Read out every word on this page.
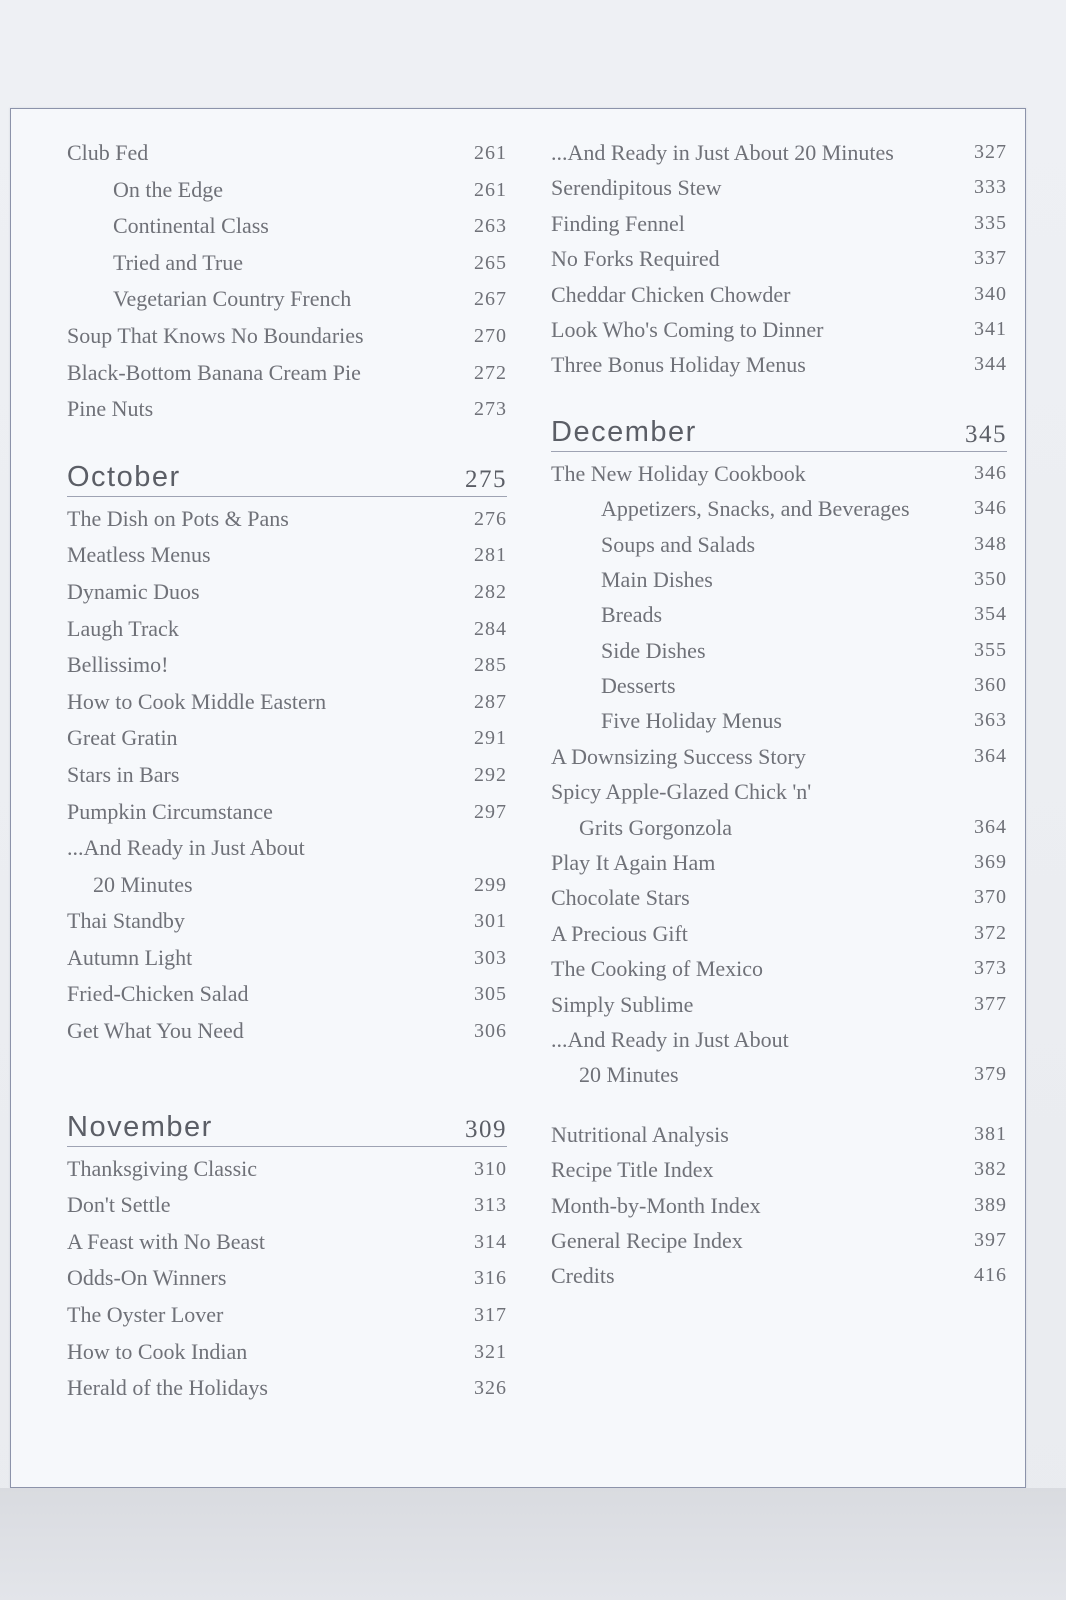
Club Fed	261
On the Edge	261
Continental Class	263
Tried and True	265
Vegetarian Country French	267
Soup That Knows No Boundaries	270
Black-Bottom Banana Cream Pie	272
Pine Nuts	273
October	275
The Dish on Pots & Pans	276
Meatless Menus	281
Dynamic Duos	282
Laugh Track	284
Bellissimo!	285
How to Cook Middle Eastern	287
Great Gratin	291
Stars in Bars	292
Pumpkin Circumstance	297
...And Ready in Just About
20 Minutes	299
Thai Standby	301
Autumn Light	303
Fried-Chicken Salad	305
Get What You Need	306
November	309
Thanksgiving Classic	310
Don't Settle	313
A Feast with No Beast	314
Odds-On Winners	316
The Oyster Lover	317
How to Cook Indian	321
Herald of the Holidays	326
...And Ready in Just About 20 Minutes	327
Serendipitous Stew	333
Finding Fennel	335
No Forks Required	337
Cheddar Chicken Chowder	340
Look Who's Coming to Dinner	341
Three Bonus Holiday Menus	344
December	345
The New Holiday Cookbook	346
Appetizers, Snacks, and Beverages	346
Soups and Salads	348
Main Dishes	350
Breads	354
Side Dishes	355
Desserts	360
Five Holiday Menus	363
A Downsizing Success Story	364
Spicy Apple-Glazed Chick 'n'
Grits Gorgonzola	364
Play It Again Ham	369
Chocolate Stars	370
A Precious Gift	372
The Cooking of Mexico	373
Simply Sublime	377
...And Ready in Just About
20 Minutes	379
Nutritional Analysis	381
Recipe Title Index	382
Month-by-Month Index	389
General Recipe Index	397
Credits	416
